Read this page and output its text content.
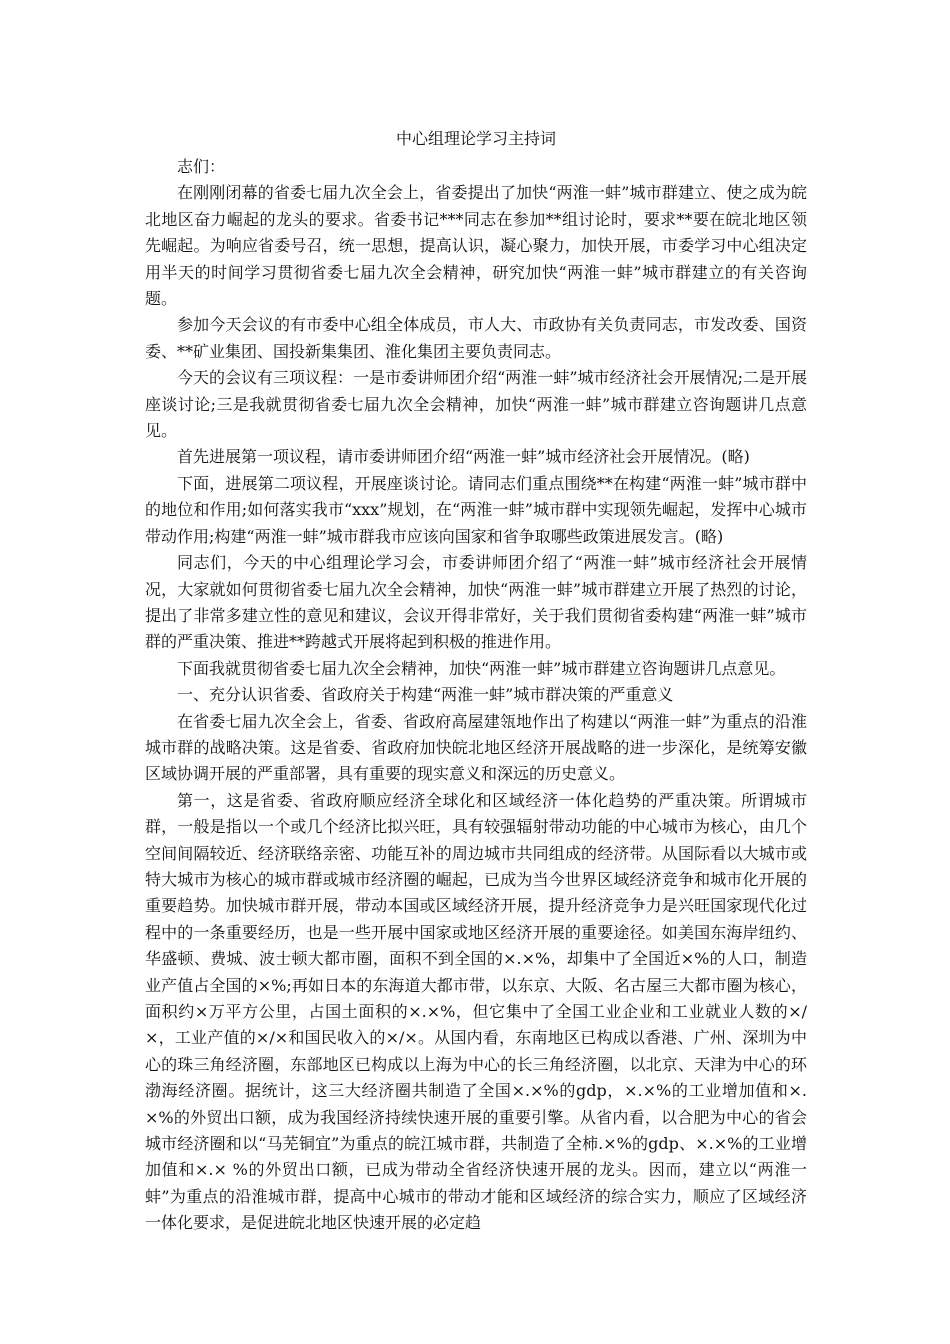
中心组理论学习主持词

志们：

在刚刚闭幕的省委七届九次全会上，省委提出了加快“两淮一蚌”城市群建立、使之成为皖北地区奋力崛起的龙头的要求。省委书记***同志在参加**组讨论时，要求**要在皖北地区领先崛起。为响应省委号召，统一思想，提高认识，凝心聚力，加快开展，市委学习中心组决定用半天的时间学习贯彻省委七届九次全会精神，研究加快“两淮一蚌”城市群建立的有关咨询题。

参加今天会议的有市委中心组全体成员，市人大、市政协有关负责同志，市发改委、国资委、**矿业集团、国投新集集团、淮化集团主要负责同志。

今天的会议有三项议程：一是市委讲师团介绍“两淮一蚌”城市经济社会开展情况;二是开展座谈讨论;三是我就贯彻省委七届九次全会精神，加快“两淮一蚌”城市群建立咨询题讲几点意见。

首先进展第一项议程，请市委讲师团介绍“两淮一蚌”城市经济社会开展情况。(略)

下面，进展第二项议程，开展座谈讨论。请同志们重点围绕**在构建“两淮一蚌”城市群中的地位和作用;如何落实我市“xxx”规划，在“两淮一蚌”城市群中实现领先崛起，发挥中心城市带动作用;构建“两淮一蚌”城市群我市应该向国家和省争取哪些政策进展发言。(略)

同志们，今天的中心组理论学习会，市委讲师团介绍了“两淮一蚌”城市经济社会开展情况，大家就如何贯彻省委七届九次全会精神，加快“两淮一蚌”城市群建立开展了热烈的讨论，提出了非常多建立性的意见和建议，会议开得非常好，关于我们贯彻省委构建“两淮一蚌”城市群的严重决策、推进**跨越式开展将起到积极的推进作用。

下面我就贯彻省委七届九次全会精神，加快“两淮一蚌”城市群建立咨询题讲几点意见。

一、充分认识省委、省政府关于构建“两淮一蚌”城市群决策的严重意义

在省委七届九次全会上，省委、省政府高屋建瓴地作出了构建以“两淮一蚌”为重点的沿淮城市群的战略决策。这是省委、省政府加快皖北地区经济开展战略的进一步深化，是统筹安徽区域协调开展的严重部署，具有重要的现实意义和深远的历史意义。

第一，这是省委、省政府顺应经济全球化和区域经济一体化趋势的严重决策。所谓城市群，一般是指以一个或几个经济比拟兴旺，具有较强辐射带动功能的中心城市为核心，由几个空间间隔较近、经济联络亲密、功能互补的周边城市共同组成的经济带。从国际看以大城市或特大城市为核心的城市群或城市经济圈的崛起，已成为当今世界区域经济竞争和城市化开展的重要趋势。加快城市群开展，带动本国或区域经济开展，提升经济竞争力是兴旺国家现代化过程中的一条重要经历，也是一些开展中国家或地区经济开展的重要途径。如美国东海岸纽约、华盛顿、费城、波士顿大都市圈，面积不到全国的×.×%，却集中了全国近×%的人口，制造业产值占全国的×%;再如日本的东海道大都市带，以东京、大阪、名古屋三大都市圈为核心，面积约×万平方公里，占国土面积的×.×%，但它集中了全国工业企业和工业就业人数的×/×，工业产值的×/×和国民收入的×/×。从国内看，东南地区已构成以香港、广州、深圳为中心的珠三角经济圈，东部地区已构成以上海为中心的长三角经济圈，以北京、天津为中心的环渤海经济圈。据统计，这三大经济圈共制造了全国×.×%的gdp，×.×%的工业增加值和×.×%的外贸出口额，成为我国经济持续快速开展的重要引擎。从省内看，以合肥为中心的省会城市经济圈和以“马芜铜宜”为重点的皖江城市群，共制造了全柿.×%的gdp、×.×%的工业增加值和×.× %的外贸出口额，已成为带动全省经济快速开展的龙头。因而，建立以“两淮一蚌”为重点的沿淮城市群，提高中心城市的带动才能和区域经济的综合实力，顺应了区域经济一体化要求，是促进皖北地区快速开展的必定趋
